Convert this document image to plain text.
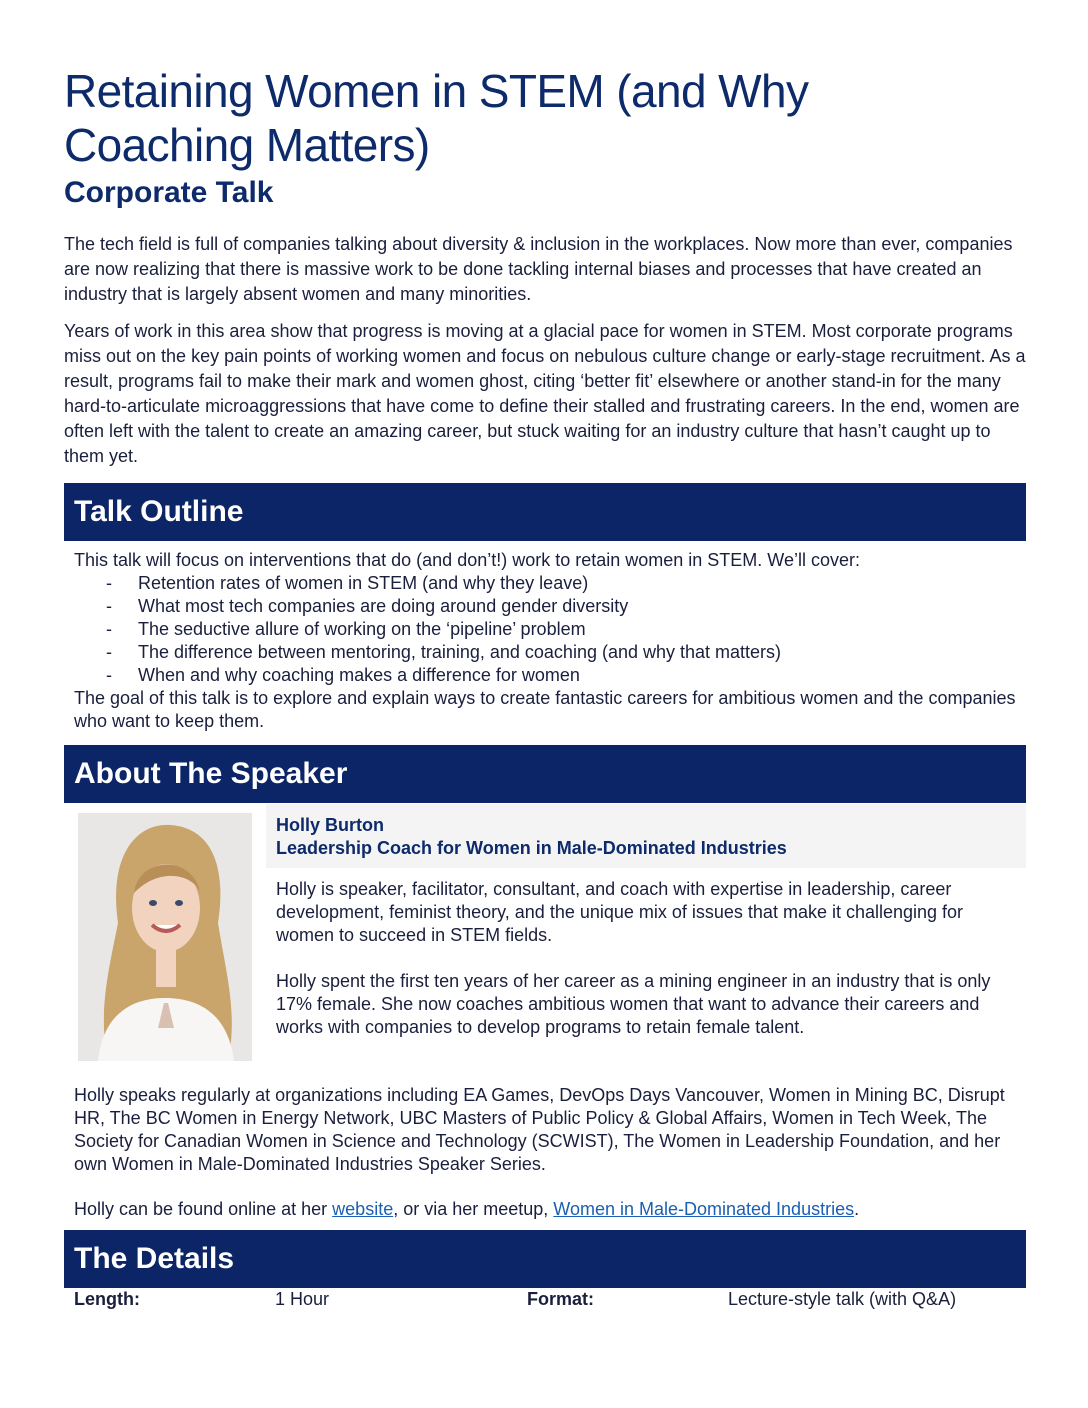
Retaining Women in STEM (and Why
Coaching Matters)
Corporate Talk

The tech field is full of companies talking about diversity & inclusion in the workplaces. Now more than ever, companies are now realizing that there is massive work to be done tackling internal biases and processes that have created an industry that is largely absent women and many minorities.

Years of work in this area show that progress is moving at a glacial pace for women in STEM. Most corporate programs miss out on the key pain points of working women and focus on nebulous culture change or early-stage recruitment. As a result, programs fail to make their mark and women ghost, citing ‘better fit’ elsewhere or another stand-in for the many hard-to-articulate microaggressions that have come to define their stalled and frustrating careers. In the end, women are often left with the talent to create an amazing career, but stuck waiting for an industry culture that hasn’t caught up to them yet.

Talk Outline
This talk will focus on interventions that do (and don’t!) work to retain women in STEM. We’ll cover:
- Retention rates of women in STEM (and why they leave)
- What most tech companies are doing around gender diversity
- The seductive allure of working on the ‘pipeline’ problem
- The difference between mentoring, training, and coaching (and why that matters)
- When and why coaching makes a difference for women
The goal of this talk is to explore and explain ways to create fantastic careers for ambitious women and the companies who want to keep them.
About The Speaker
Holly Burton
Leadership Coach for Women in Male-Dominated Industries

Holly is speaker, facilitator, consultant, and coach with expertise in leadership, career development, feminist theory, and the unique mix of issues that make it challenging for women to succeed in STEM fields.

Holly spent the first ten years of her career as a mining engineer in an industry that is only 17% female. She now coaches ambitious women that want to advance their careers and works with companies to develop programs to retain female talent.

Holly speaks regularly at organizations including EA Games, DevOps Days Vancouver, Women in Mining BC, Disrupt HR, The BC Women in Energy Network, UBC Masters of Public Policy & Global Affairs, Women in Tech Week, The Society for Canadian Women in Science and Technology (SCWIST), The Women in Leadership Foundation, and her own Women in Male-Dominated Industries Speaker Series.

Holly can be found online at her website, or via her meetup, Women in Male-Dominated Industries.

The Details
Length:	1 Hour	Format:	Lecture-style talk (with Q&A)
